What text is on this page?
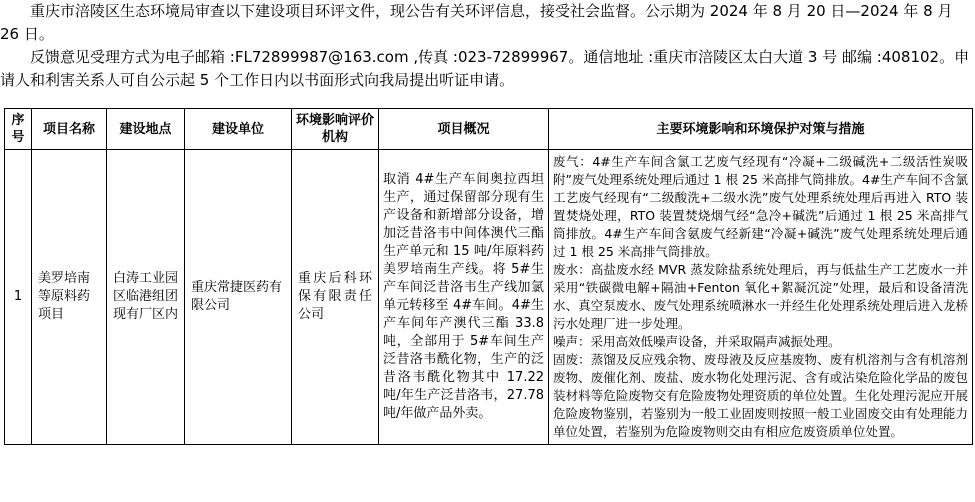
重庆市涪陵区生态环境局审查以下建设项目环评文件，现公告有关环评信息，接受社会监督。公示期为 2024 年 8 月 20 日—2024 年 8 月 26 日。

反馈意见受理方式为电子邮箱 :FL72899987@163.com ,传真 :023-72899967。通信地址 :重庆市涪陵区太白大道 3 号 邮编 :408102。申请人和利害关系人可自公示起 5 个工作日内以书面形式向我局提出听证申请。

序号	项目名称	建设地点	建设单位	环境影响评价机构	项目概况	主要环境影响和环境保护对策与措施
1	美罗培南等原料药项目	白涛工业园区临港组团现有厂区内	重庆常捷医药有限公司	重庆后科环保有限责任公司	取消 4#生产车间奥拉西坦生产，通过保留部分现有生产设备和新增部分设备，增加泛昔洛韦中间体澳代三酯生产单元和 15 吨/年原料药美罗培南生产线。将 5#生产车间泛昔洛韦生产线加氯单元转移至 4#车间。4#生产车间年产澳代三酯 33.8 吨，全部用于 5#车间生产泛昔洛韦酰化物，生产的泛昔洛韦酰化物其中 17.22 吨/年生产泛昔洛韦，27.78 吨/年做产品外卖。	废气：4#生产车间含氯工艺废气经现有“冷凝+二级碱洗+二级活性炭吸附”废气处理系统处理后通过 1 根 25 米高排气筒排放。4#生产车间不含氯工艺废气经现有“二级酸洗+二级水洗”废气处理系统处理后再进入 RTO 装置焚烧处理，RTO 装置焚烧烟气经“急冷+碱洗”后通过 1 根 25 米高排气筒排放。4#生产车间含氨废气经新建“冷凝+碱洗”废气处理系统处理后通过 1 根 25 米高排气筒排放。

废水：高盐废水经 MVR 蒸发除盐系统处理后，再与低盐生产工艺废水一并采用“铁碳微电解+隔油+Fenton 氧化+絮凝沉淀”处理，最后和设备清洗水、真空泵废水、废气处理系统喷淋水一并经生化处理系统处理后进入龙桥污水处理厂进一步处理。

噪声：采用高效低噪声设备，并采取隔声减振处理。

固废：蒸馏及反应残余物、废母液及反应基废物、废有机溶剂与含有机溶剂废物、废催化剂、废盐、废水物化处理污泥、含有或沾染危险化学品的废包装材料等危险废物交有危险废物处理资质的单位处置。生化处理污泥应开展危险废物鉴别，若鉴别为一般工业固废则按照一般工业固废交由有处理能力单位处置，若鉴别为危险废物则交由有相应危废资质单位处置。
